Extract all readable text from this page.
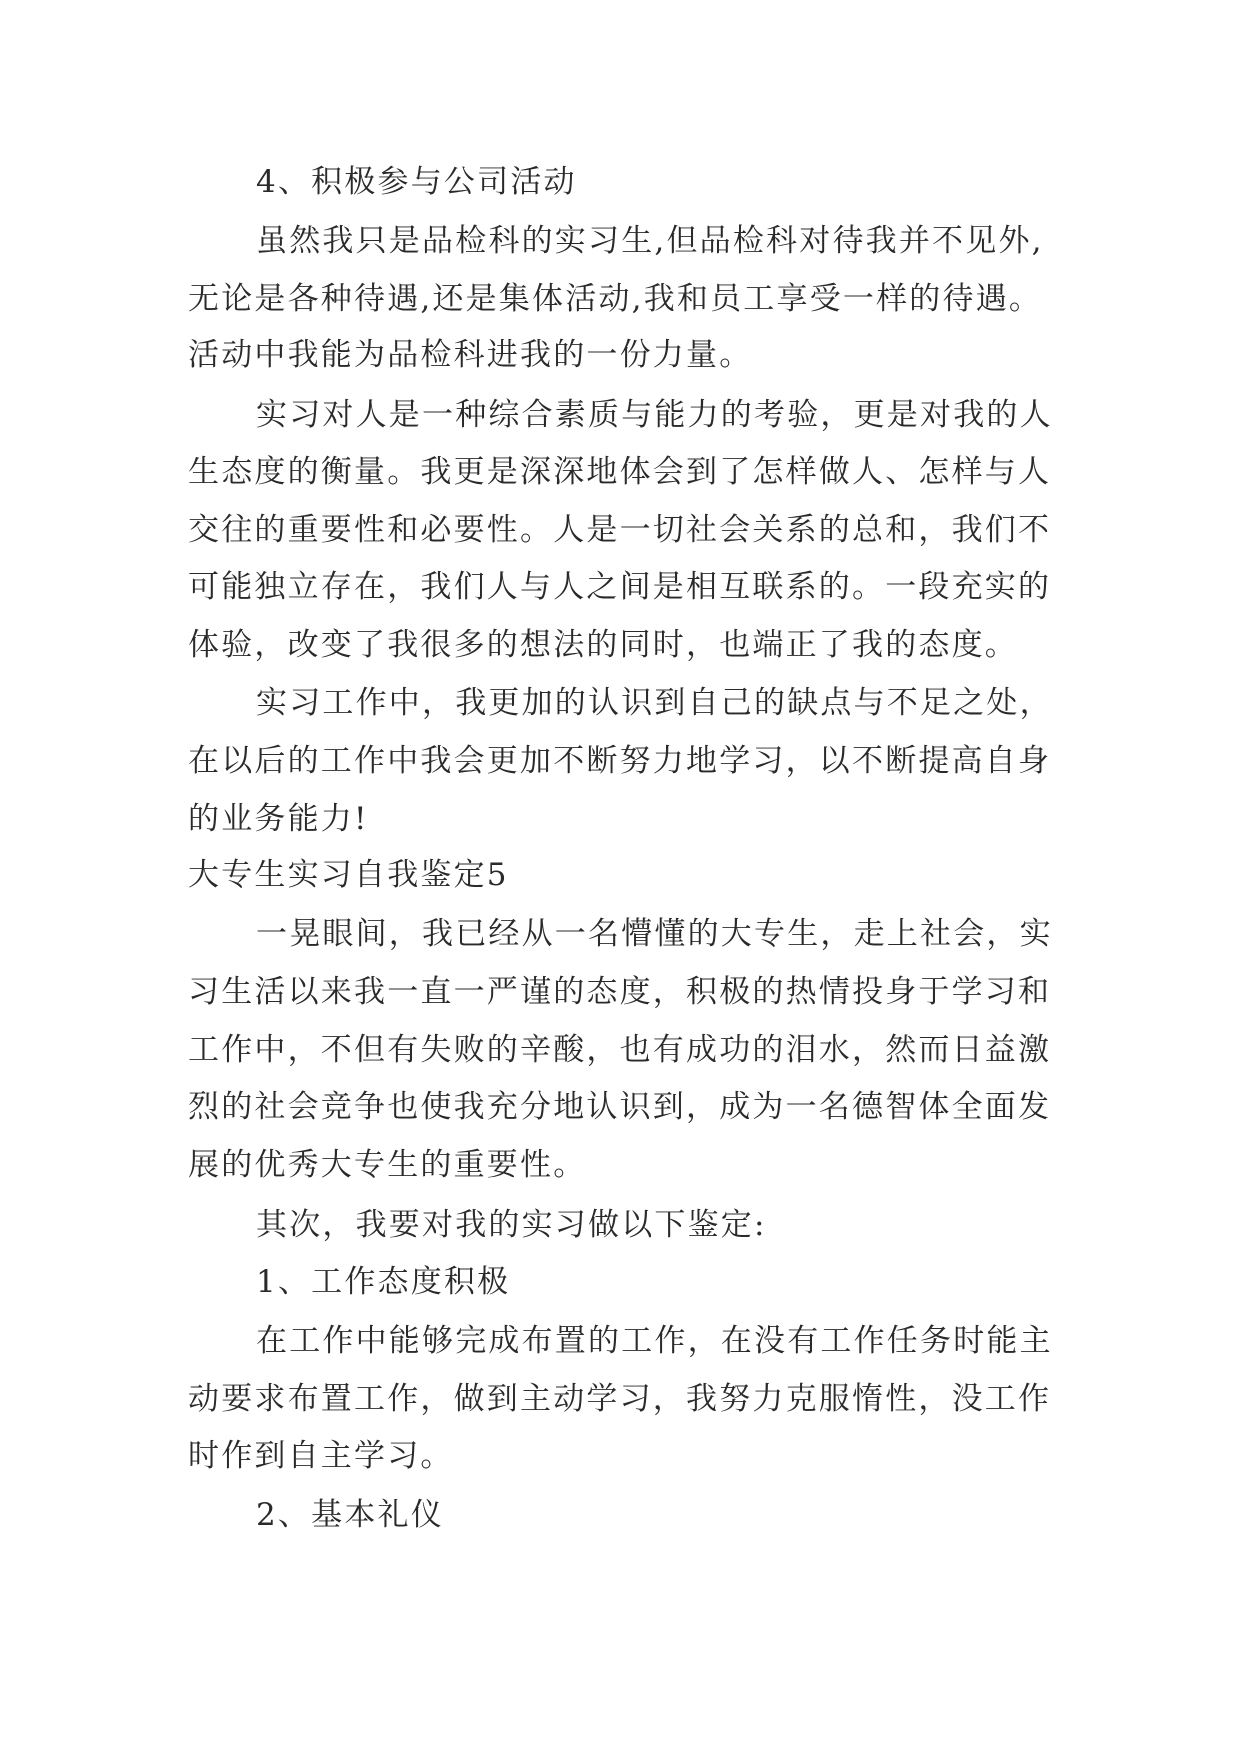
4、积极参与公司活动

虽然我只是品检科的实习生,但品检科对待我并不见外,

无论是各种待遇,还是集体活动,我和员工享受一样的待遇。

活动中我能为品检科进我的一份力量。

实习对人是一种综合素质与能力的考验，更是对我的人

生态度的衡量。我更是深深地体会到了怎样做人、怎样与人

交往的重要性和必要性。人是一切社会关系的总和，我们不

可能独立存在，我们人与人之间是相互联系的。一段充实的

体验，改变了我很多的想法的同时，也端正了我的态度。

实习工作中，我更加的认识到自己的缺点与不足之处，

在以后的工作中我会更加不断努力地学习，以不断提高自身

的业务能力!

大专生实习自我鉴定5

一晃眼间，我已经从一名懵懂的大专生，走上社会，实

习生活以来我一直一严谨的态度，积极的热情投身于学习和

工作中，不但有失败的辛酸，也有成功的泪水，然而日益激

烈的社会竞争也使我充分地认识到，成为一名德智体全面发

展的优秀大专生的重要性。

其次，我要对我的实习做以下鉴定:

1、工作态度积极

在工作中能够完成布置的工作，在没有工作任务时能主

动要求布置工作，做到主动学习，我努力克服惰性，没工作

时作到自主学习。

2、基本礼仪
